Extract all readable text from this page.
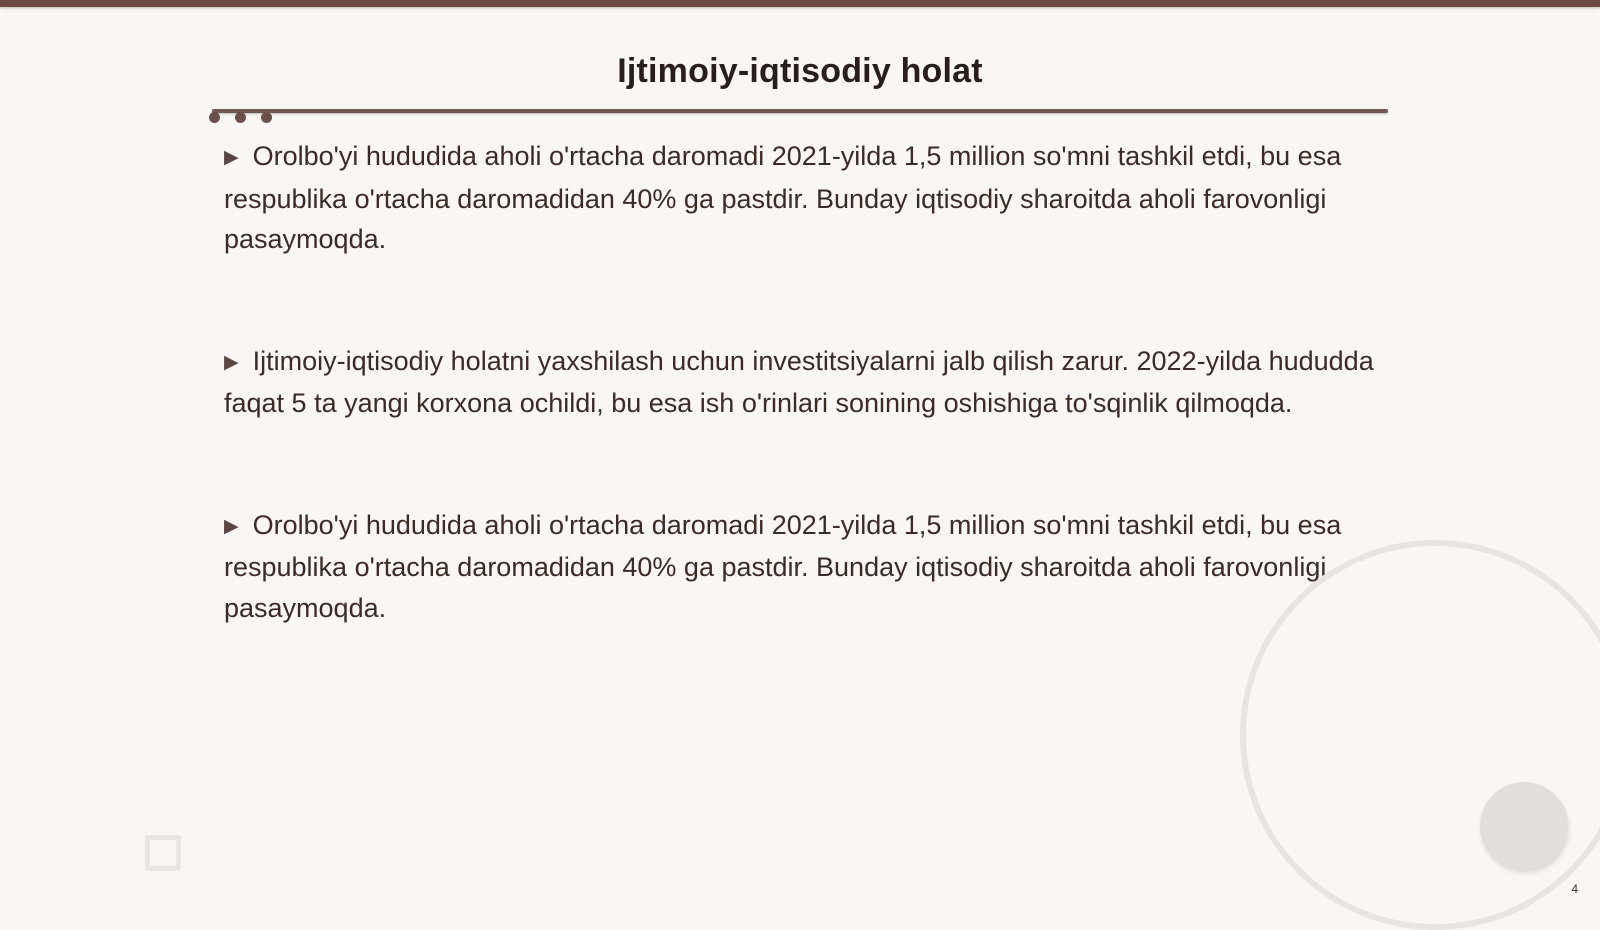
Ijtimoiy-iqtisodiy holat
▶ Orolbo'yi hududida aholi o'rtacha daromadi 2021-yilda 1,5 million so'mni tashkil etdi, bu esa respublika o'rtacha daromadidan 40% ga pastdir. Bunday iqtisodiy sharoitda aholi farovonligi pasaymoqda.
▶ Ijtimoiy-iqtisodiy holatni yaxshilash uchun investitsiyalarni jalb qilish zarur. 2022-yilda hududda faqat 5 ta yangi korxona ochildi, bu esa ish o'rinlari sonining oshishiga to'sqinlik qilmoqda.
▶ Orolbo'yi hududida aholi o'rtacha daromadi 2021-yilda 1,5 million so'mni tashkil etdi, bu esa respublika o'rtacha daromadidan 40% ga pastdir. Bunday iqtisodiy sharoitda aholi farovonligi pasaymoqda.
4
